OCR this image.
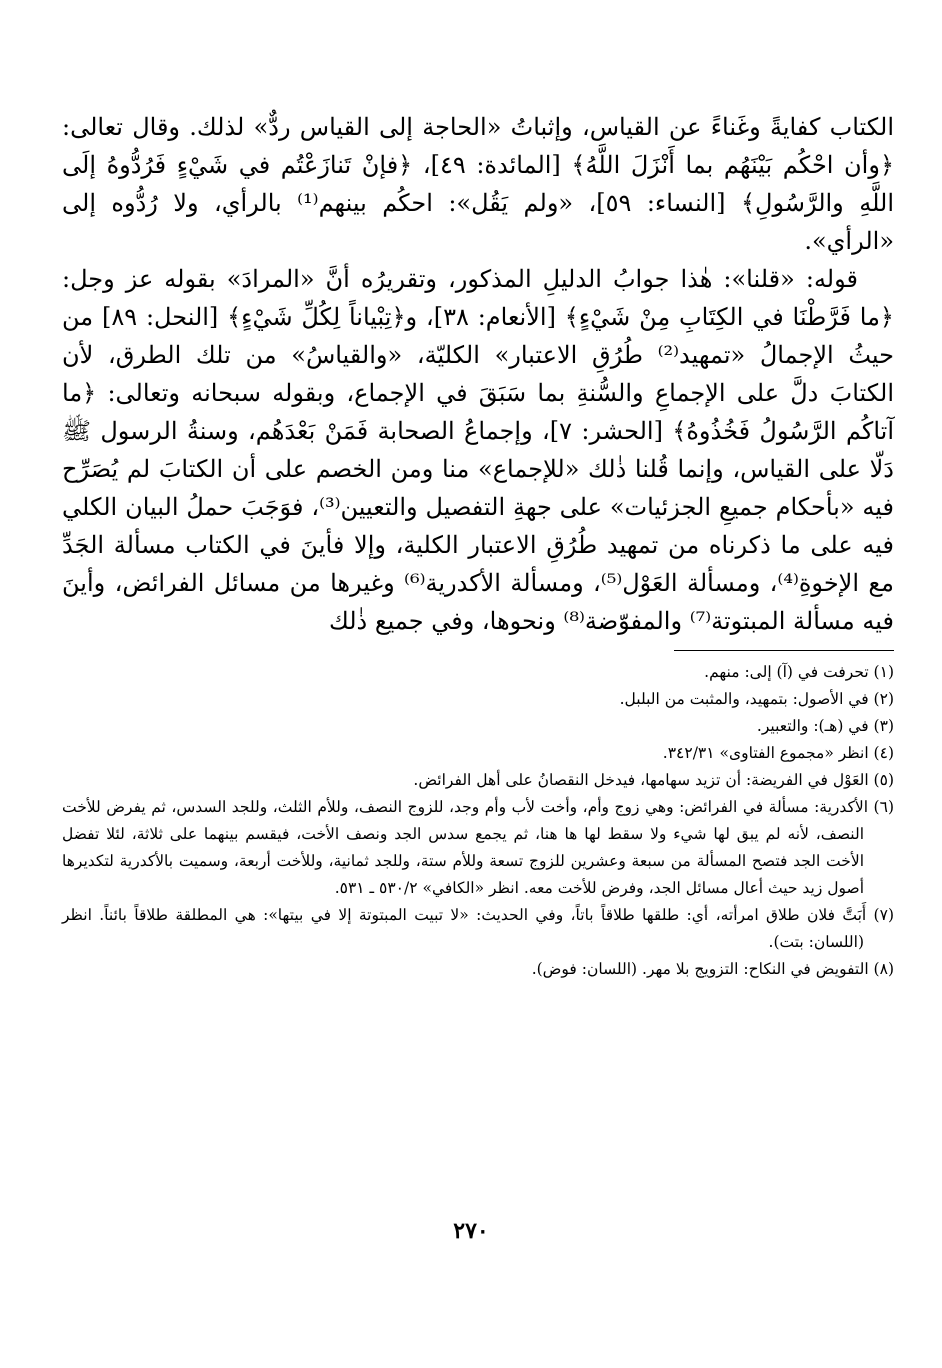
الكتاب كفايةً وغَناءً عن القياس، وإثباتُ «الحاجة إلى القياس ردٌّ» لذلك. وقال تعالى: ﴿وأن احْكُم بَيْنَهُم بما أَنْزَلَ اللَّهُ﴾ [المائدة: ٤٩]، ﴿فإنْ تَنازَعْتُم في شَيْءٍ فَرُدُّوهُ إلَى اللَّهِ والرَّسُولِ﴾ [النساء: ٥٩]، «ولم يَقُل»: احكُم بينهم⁽¹⁾ بالرأي، ولا رُدُّوه إلى «الرأي».

قوله: «قلنا»: هٰذا جوابُ الدليلِ المذكور، وتقريرُه أنَّ «المرادَ» بقوله عز وجل: ﴿ما فَرَّطْنَا في الكِتَابِ مِنْ شَيْءٍ﴾ [الأنعام: ٣٨]، و﴿تِبْياناً لِكُلِّ شَيْءٍ﴾ [النحل: ٨٩] من حيثُ الإجمالُ «تمهيد⁽²⁾ طُرُقِ الاعتبار» الكليّة، «والقياسُ» من تلك الطرق، لأن الكتابَ دلَّ على الإجماعِ والسُّنةِ بما سَبَقَ في الإجماع، وبقوله سبحانه وتعالى: ﴿ما آتاكُم الرَّسُولُ فَخُذُوهُ﴾ [الحشر: ٧]، وإجماعُ الصحابة فَمَنْ بَعْدَهُم، وسنةُ الرسول ﷺ دَلّا على القياس، وإنما قُلنا ذٰلك «للإجماع» منا ومن الخصم على أن الكتابَ لم يُصَرِّح فيه «بأحكام جميعِ الجزئيات» على جهةِ التفصيل والتعيين⁽³⁾، فوَجَبَ حملُ البيان الكلي فيه على ما ذكرناه من تمهيد طُرُقِ الاعتبار الكلية، وإلا فأينَ في الكتاب مسألة الجَدِّ مع الإخوةِ⁽⁴⁾، ومسألة العَوْل⁽⁵⁾، ومسألة الأكدرية⁽⁶⁾ وغيرها من مسائل الفرائض، وأينَ فيه مسألة المبتوتة⁽⁷⁾ والمفوّضة⁽⁸⁾ ونحوها، وفي جميع ذٰلك

(١) تحرفت في (آ) إلى: منهم.

(٢) في الأصول: بتمهيد، والمثبت من البلبل.

(٣) في (هـ): والتعبير.

(٤) انظر «مجموع الفتاوى» ٣٤٢/٣١.

(٥) العَوْل في الفريضة: أن تزيد سهامها، فيدخل النقصانُ على أهل الفرائض.

(٦) الأكدرية: مسألة في الفرائض: وهي زوج وأم، وأخت لأب وأم وجد، للزوج النصف، وللأم الثلث، وللجد السدس، ثم يفرض للأخت النصف، لأنه لم يبق لها شيء ولا سقط لها ها هنا، ثم يجمع سدس الجد ونصف الأخت، فيقسم بينهما على ثلاثة، لئلا تفضل الأخت الجد فتصح المسألة من سبعة وعشرين للزوج تسعة وللأم ستة، وللجد ثمانية، وللأخت أربعة، وسميت بالأكدرية لتكديرها أصول زيد حيث أعال مسائل الجد، وفرض للأخت معه. انظر «الكافي» ٥٣٠/٢ ـ ٥٣١.

(٧) أَبَتَّ فلان طلاق امرأته، أي: طلقها طلاقاً باتاً، وفي الحديث: «لا تبيت المبتوتة إلا في بيتها»: هي المطلقة طلاقاً بائناً. انظر (اللسان: بتت).

(٨) التفويض في النكاح: التزويج بلا مهر. (اللسان: فوض).

٢٧٠
